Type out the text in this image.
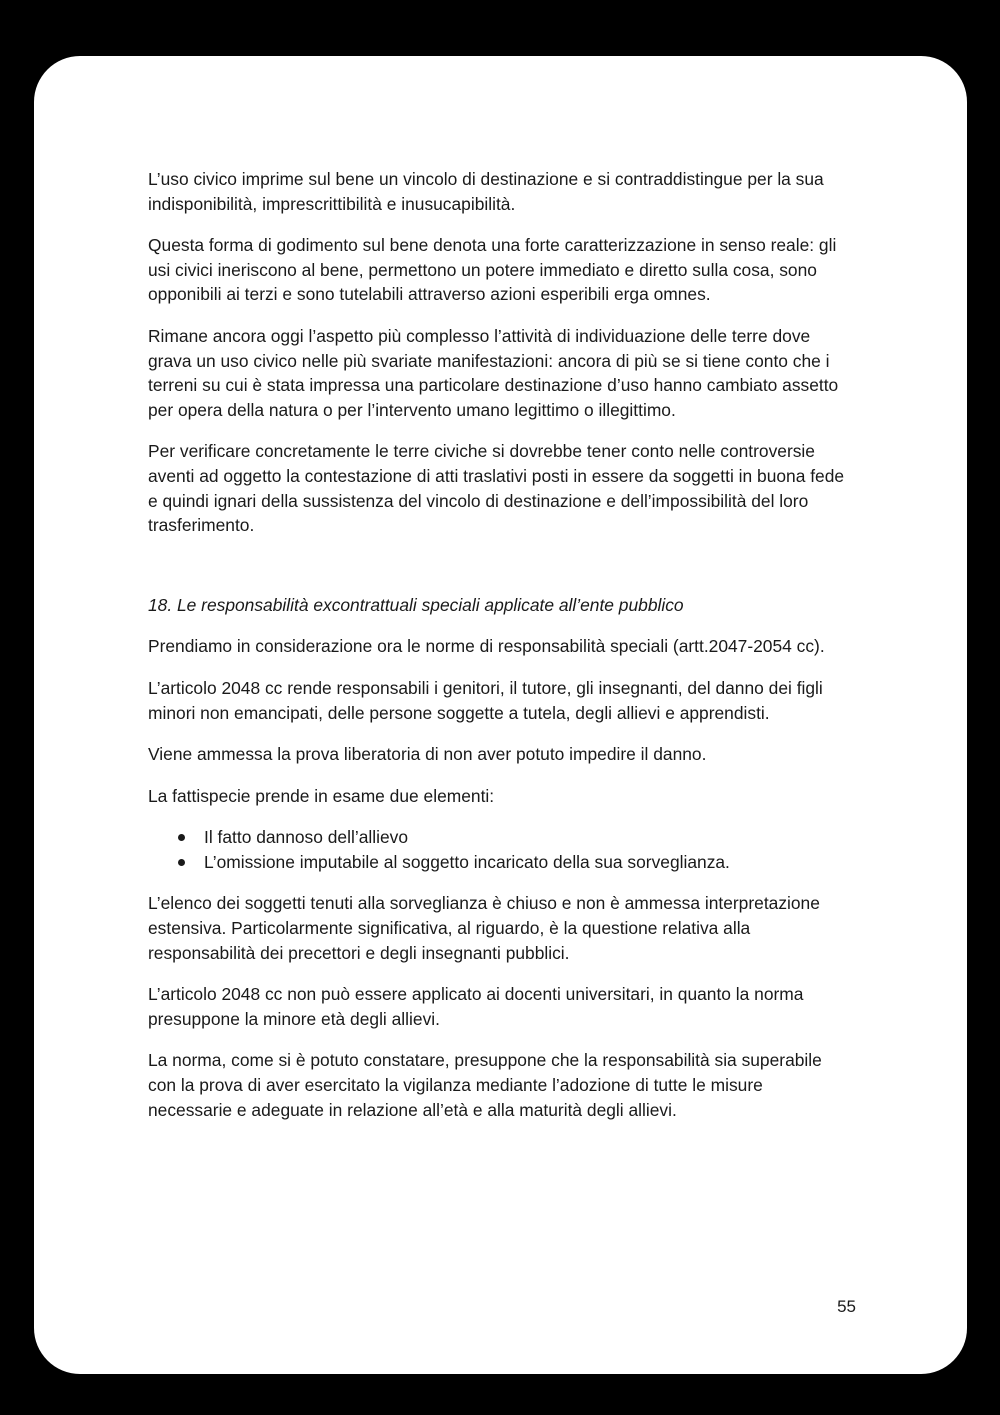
L’uso civico imprime sul bene un vincolo di destinazione e si contraddistingue per la sua indisponibilità, imprescrittibilità e inusucapibilità.

Questa forma di godimento sul bene denota una forte caratterizzazione in senso reale: gli usi civici ineriscono al bene, permettono un potere immediato e diretto sulla cosa, sono opponibili ai terzi e sono tutelabili attraverso azioni esperibili erga omnes.

Rimane ancora oggi l’aspetto più complesso l’attività di individuazione delle terre dove grava un uso civico nelle più svariate manifestazioni: ancora di più se si tiene conto che i terreni su cui è stata impressa una particolare destinazione d’uso hanno cambiato assetto per opera della natura o per l’intervento umano legittimo o illegittimo.

Per verificare concretamente le terre civiche si dovrebbe tener conto nelle controversie aventi ad oggetto la contestazione di atti traslativi posti in essere da soggetti in buona fede e quindi ignari della sussistenza del vincolo di destinazione e dell’impossibilità del loro trasferimento.

18. Le responsabilità excontrattuali speciali applicate all’ente pubblico

Prendiamo in considerazione ora le norme di responsabilità speciali (artt.2047-2054 cc).

L’articolo 2048 cc rende responsabili i genitori, il tutore, gli insegnanti, del danno dei figli minori non emancipati, delle persone soggette a tutela, degli allievi e apprendisti.

Viene ammessa la prova liberatoria di non aver potuto impedire il danno.

La fattispecie prende in esame due elementi:

Il fatto dannoso dell’allievo
L’omissione imputabile al soggetto incaricato della sua sorveglianza.

L’elenco dei soggetti tenuti alla sorveglianza è chiuso e non è ammessa interpretazione estensiva. Particolarmente significativa, al riguardo, è la questione relativa alla responsabilità dei precettori e degli insegnanti pubblici.

L’articolo 2048 cc non può essere applicato ai docenti universitari, in quanto la norma presuppone la minore età degli allievi.

La norma, come si è potuto constatare, presuppone che la responsabilità sia superabile con la prova di aver esercitato la vigilanza mediante l’adozione di tutte le misure necessarie e adeguate in relazione all’età e alla maturità degli allievi.

55
